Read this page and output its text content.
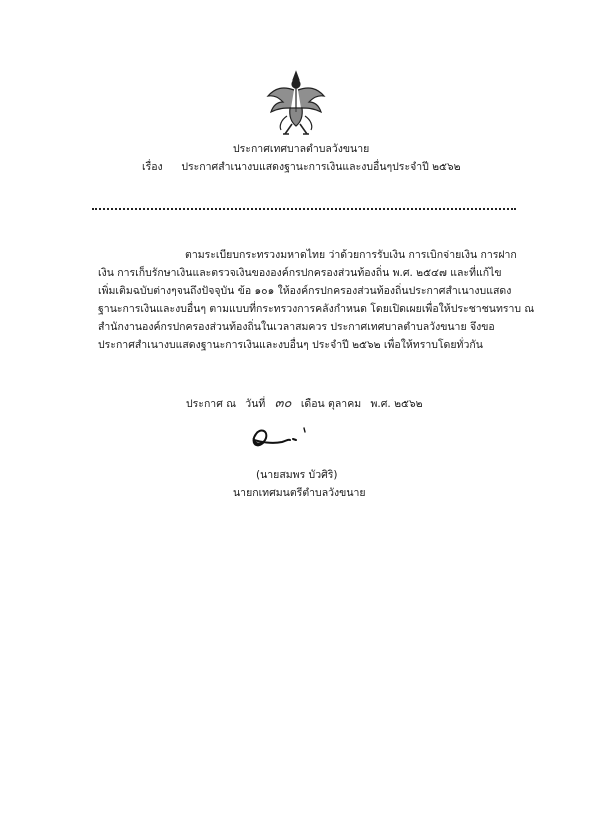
ประกาศเทศบาลตำบลวังขนาย
เรื่อง ประกาศสำเนางบแสดงฐานะการเงินและงบอื่นๆประจำปี ๒๕๖๒
ตามระเบียบกระทรวงมหาดไทย ว่าด้วยการรับเงิน การเบิกจ่ายเงิน การฝาก
เงิน การเก็บรักษาเงินและตรวจเงินขององค์กรปกครองส่วนท้องถิ่น พ.ศ. ๒๕๔๗ และที่แก้ไข
เพิ่มเติมฉบับต่างๆจนถึงปัจจุบัน ข้อ ๑๐๑ ให้องค์กรปกครองส่วนท้องถิ่นประกาศสำเนางบแสดง
ฐานะการเงินและงบอื่นๆ ตามแบบที่กระทรวงการคลังกำหนด โดยเปิดเผยเพื่อให้ประชาชนทราบ ณ
สำนักงานองค์กรปกครองส่วนท้องถิ่นในเวลาสมควร ประกาศเทศบาลตำบลวังขนาย จึงขอ
ประกาศสำเนางบแสดงฐานะการเงินและงบอื่นๆ ประจำปี ๒๕๖๒ เพื่อให้ทราบโดยทั่วกัน
ประกาศ ณ วันที่ ๓๐ เดือน ตุลาคม พ.ศ. ๒๕๖๒
(นายสมพร บัวศิริ)
นายกเทศมนตรีตำบลวังขนาย
